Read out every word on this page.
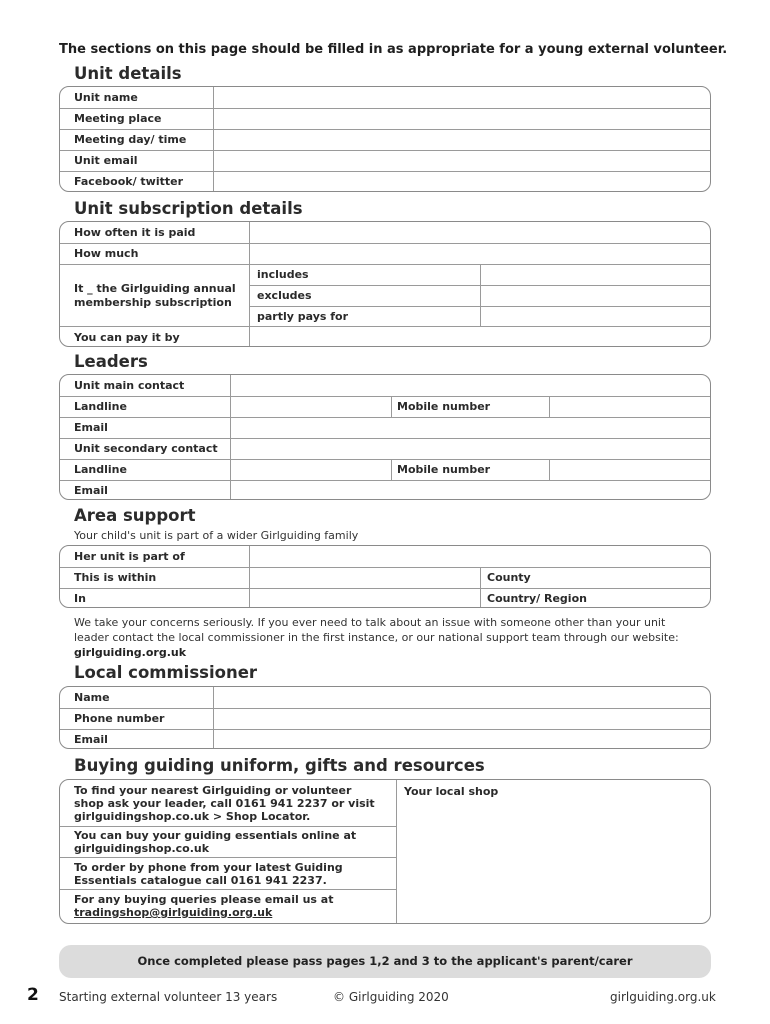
The sections on this page should be filled in as appropriate for a young external volunteer.
Unit details
Unit name
Meeting place
Meeting day/ time
Unit email
Facebook/ twitter
Unit subscription details
How often it is paid
How much
It _ the Girlguiding annual
membership subscription
includes
excludes
partly pays for
You can pay it by
Leaders
Unit main contact
Landline	Mobile number
Email
Unit secondary contact
Landline	Mobile number
Email
Area support
Your child's unit is part of a wider Girlguiding family
Her unit is part of
This is within	County
In	Country/ Region
We take your concerns seriously. If you ever need to talk about an issue with someone other than your unit leader contact the local commissioner in the first instance, or our national support team through our website: girlguiding.org.uk
Local commissioner
Name
Phone number
Email
Buying guiding uniform, gifts and resources
To find your nearest Girlguiding or volunteer
shop ask your leader, call 0161 941 2237 or visit
girlguidingshop.co.uk > Shop Locator.
You can buy your guiding essentials online at
girlguidingshop.co.uk
To order by phone from your latest Guiding
Essentials catalogue call 0161 941 2237.
For any buying queries please email us at
tradingshop@girlguiding.org.uk
Your local shop
Once completed please pass pages 1,2 and 3 to the applicant's parent/carer
2 Starting external volunteer 13 years	© Girlguiding 2020	girlguiding.org.uk
